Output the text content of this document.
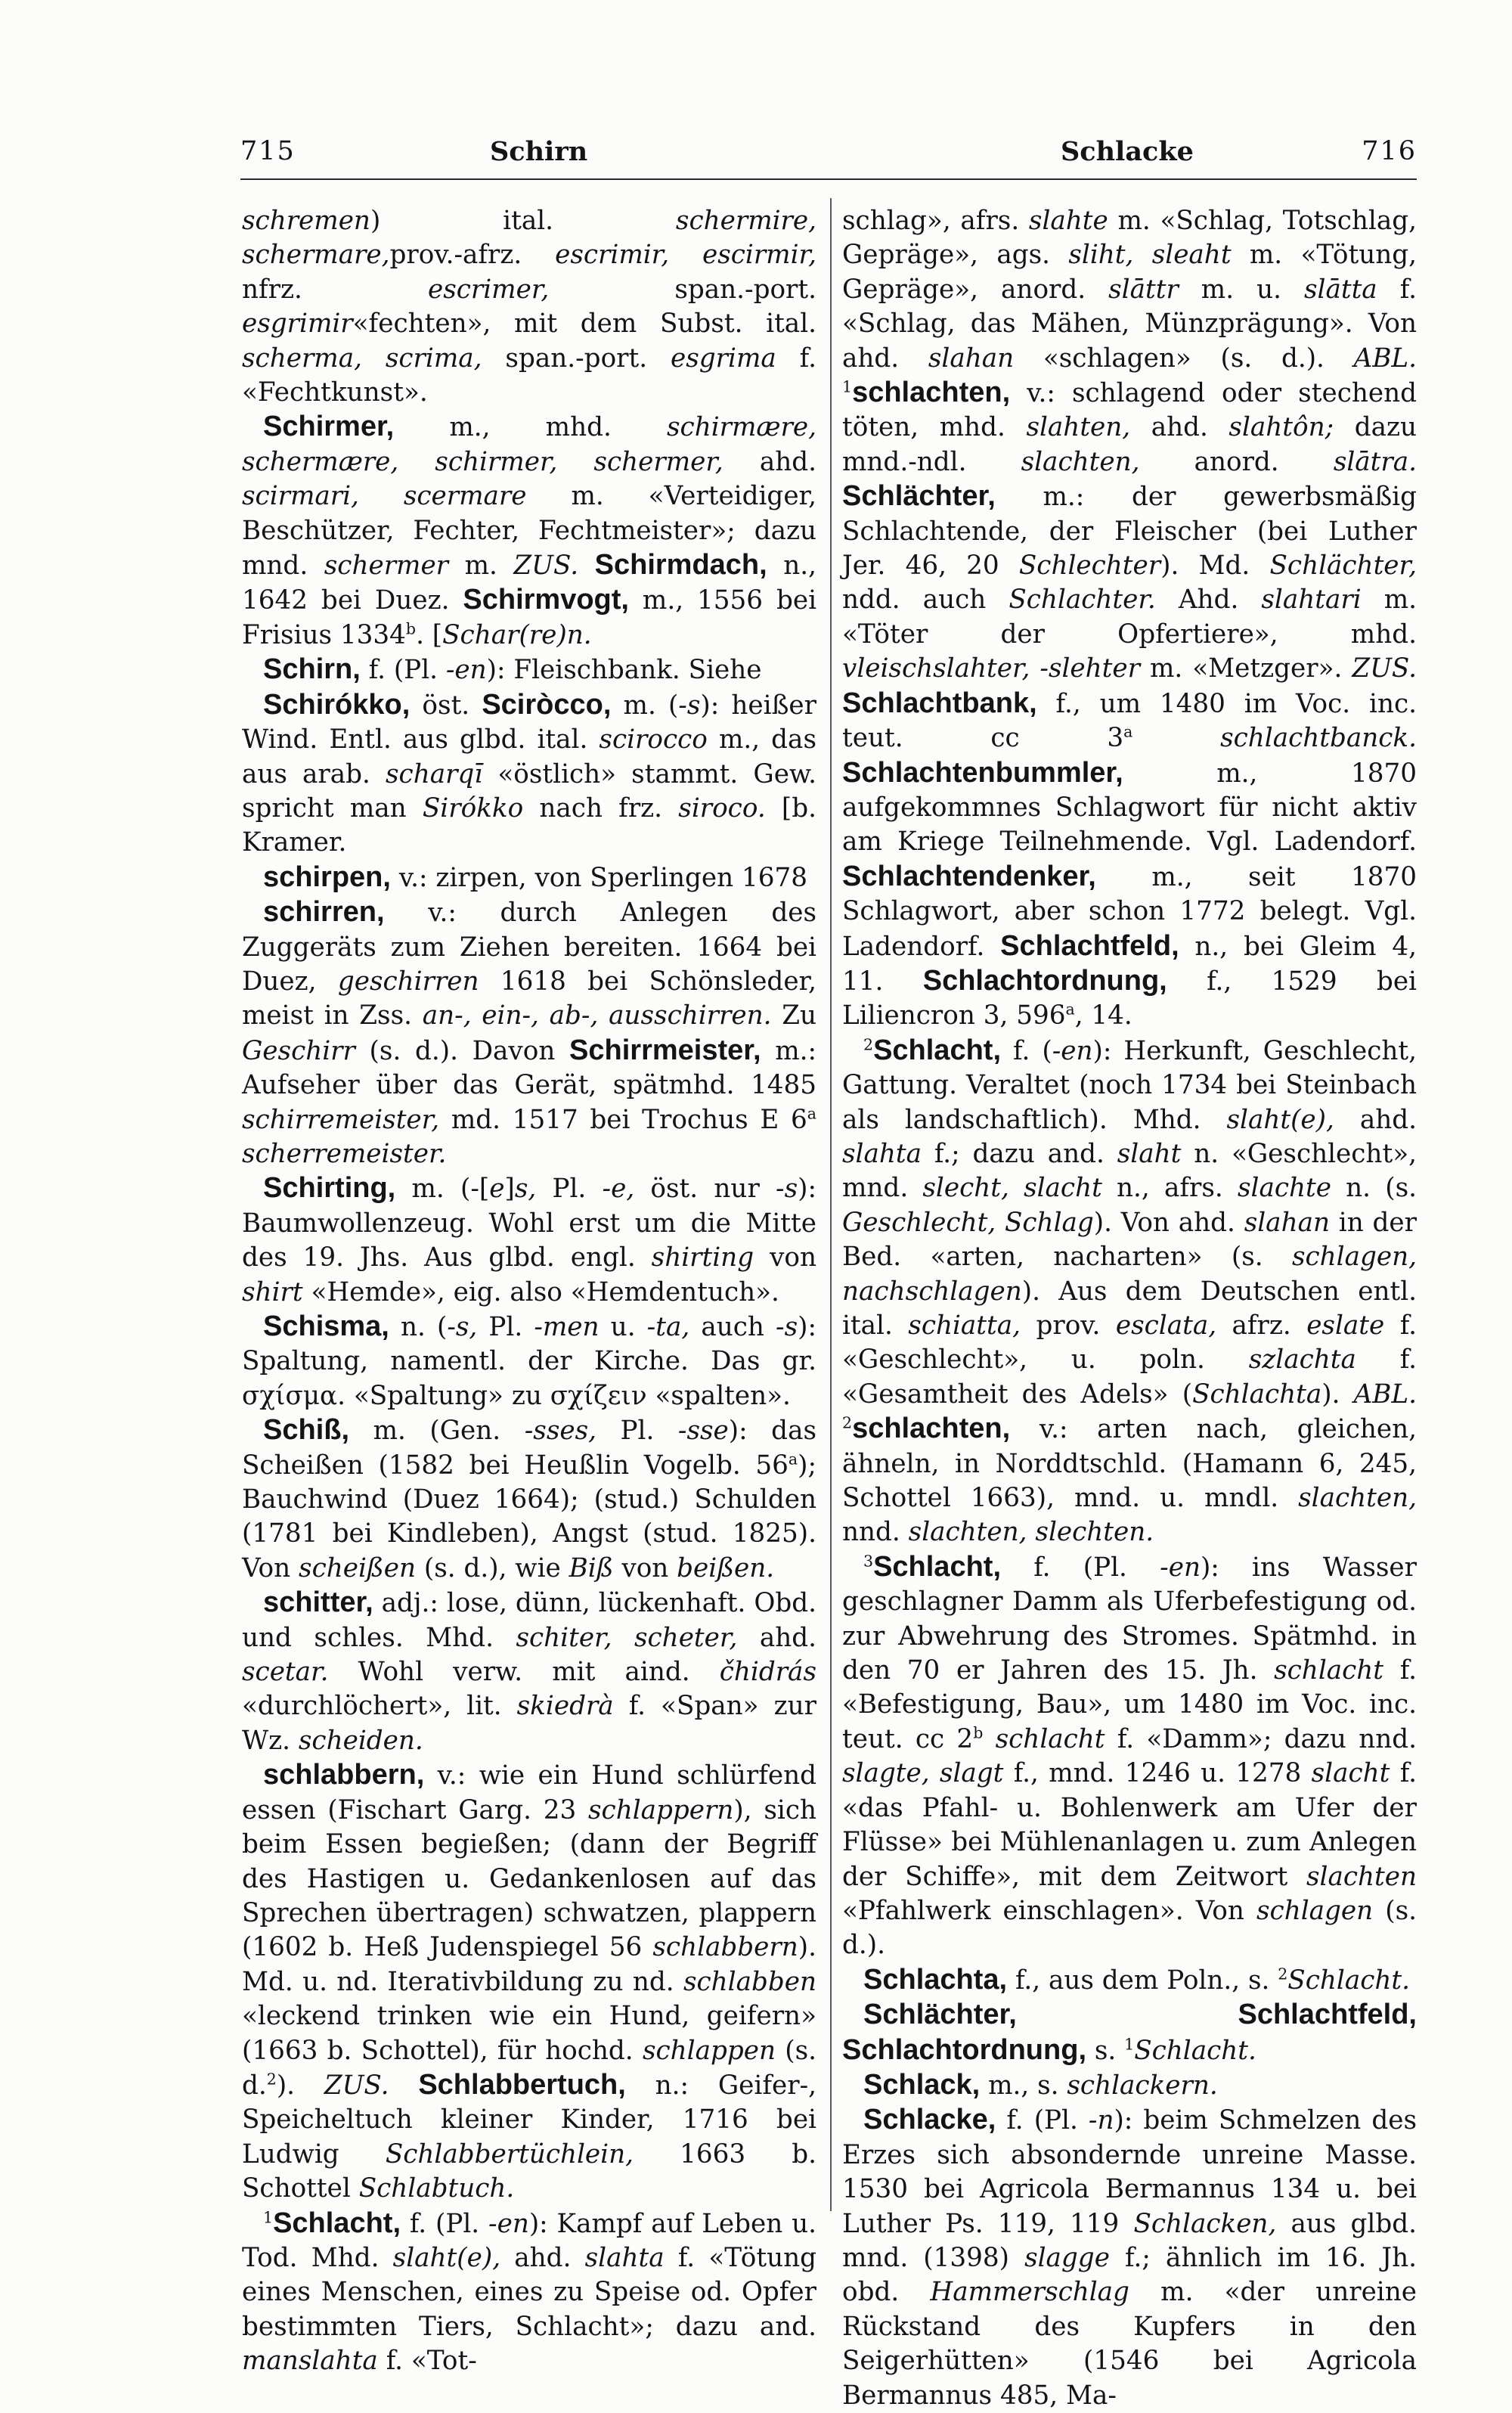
715	Schirn	Schlacke	716

schremen) ital. schermire, schermare,prov.-afrz. escrimir, escirmir, nfrz. escrimer, span.-port. esgrimir«fechten», mit dem Subst. ital. scherma, scrima, span.-port. esgrima f. «Fechtkunst».

Schirmer, m., mhd. schirmære, schermære, schirmer, schermer, ahd. scirmari, scermare m. «Verteidiger, Beschützer, Fechter, Fechtmeister»; dazu mnd. schermer m. ZUS. Schirmdach, n., 1642 bei Duez. Schirmvogt, m., 1556 bei Frisius 1334$^b$. [Schar(re)n.

Schirn, f. (Pl. -en): Fleischbank. Siehe

Schirókko, öst. Sciròcco, m. (-s): heißer Wind. Entl. aus glbd. ital. scirocco m., das aus arab. scharqī «östlich» stammt. Gew. spricht man Sirókko nach frz. siroco. [b. Kramer.

schirpen, v.: zirpen, von Sperlingen 1678

schirren, v.: durch Anlegen des Zuggeräts zum Ziehen bereiten. 1664 bei Duez, geschirren 1618 bei Schönsleder, meist in Zss. an-, ein-, ab-, ausschirren. Zu Geschirr (s. d.). Davon Schirrmeister, m.: Aufseher über das Gerät, spätmhd. 1485 schirremeister, md. 1517 bei Trochus E 6$^a$ scherremeister.

Schirting, m. (-[e]s, Pl. -e, öst. nur -s): Baumwollenzeug. Wohl erst um die Mitte des 19. Jhs. Aus glbd. engl. shirting von shirt «Hemde», eig. also «Hemdentuch».

Schisma, n. (-s, Pl. -men u. -ta, auch -s): Spaltung, namentl. der Kirche. Das gr. σχίσμα. «Spaltung» zu σχίζειν «spalten».

Schiß, m. (Gen. -sses, Pl. -sse): das Scheißen (1582 bei Heußlin Vogelb. 56$^a$); Bauchwind (Duez 1664); (stud.) Schulden (1781 bei Kindleben), Angst (stud. 1825). Von scheißen (s. d.), wie Biß von beißen.

schitter, adj.: lose, dünn, lückenhaft. Obd. und schles. Mhd. schiter, scheter, ahd. scetar. Wohl verw. mit aind. čhidrás «durchlöchert», lit. skiedrà f. «Span» zur Wz. scheiden.

schlabbern, v.: wie ein Hund schlürfend essen (Fischart Garg. 23 schlappern), sich beim Essen begießen; (dann der Begriff des Hastigen u. Gedankenlosen auf das Sprechen übertragen) schwatzen, plappern (1602 b. Heß Judenspiegel 56 schlabbern). Md. u. nd. Iterativbildung zu nd. schlabben «leckend trinken wie ein Hund, geifern» (1663 b. Schottel), für hochd. schlappen (s. d.$^2$). ZUS. Schlabbertuch, n.: Geifer-, Speicheltuch kleiner Kinder, 1716 bei Ludwig Schlabbertüchlein, 1663 b. Schottel Schlabtuch.

$^1$Schlacht, f. (Pl. -en): Kampf auf Leben u. Tod. Mhd. slaht(e), ahd. slahta f. «Tötung eines Menschen, eines zu Speise od. Opfer bestimmten Tiers, Schlacht»; dazu and. manslahta f. «Tot-

schlag», afrs. slahte m. «Schlag, Totschlag, Gepräge», ags. sliht, sleaht m. «Tötung, Gepräge», anord. slāttr m. u. slātta f. «Schlag, das Mähen, Münzprägung». Von ahd. slahan «schlagen» (s. d.). ABL. $^1$schlachten, v.: schlagend oder stechend töten, mhd. slahten, ahd. slahtôn; dazu mnd.-ndl. slachten, anord. slātra. Schlächter, m.: der gewerbsmäßig Schlachtende, der Fleischer (bei Luther Jer. 46, 20 Schlechter). Md. Schlächter, ndd. auch Schlachter. Ahd. slahtari m. «Töter der Opfertiere», mhd. vleischslahter, -slehter m. «Metzger». ZUS. Schlachtbank, f., um 1480 im Voc. inc. teut. cc 3$^a$	schlachtbanck. Schlachtenbummler, m., 1870 aufgekommnes Schlagwort für nicht aktiv am Kriege Teilnehmende. Vgl. Ladendorf. Schlachtendenker, m., seit 1870 Schlagwort, aber schon 1772 belegt. Vgl. Ladendorf. Schlachtfeld, n., bei Gleim 4, 11. Schlachtordnung, f., 1529 bei Liliencron 3, 596$^a$, 14.

$^2$Schlacht, f. (-en): Herkunft, Geschlecht, Gattung. Veraltet (noch 1734 bei Steinbach als landschaftlich). Mhd. slaht(e), ahd. slahta f.; dazu and. slaht n. «Geschlecht», mnd. slecht, slacht n., afrs. slachte n. (s. Geschlecht, Schlag). Von ahd. slahan in der Bed. «arten, nacharten» (s. schlagen, nachschlagen). Aus dem Deutschen entl. ital. schiatta, prov. esclata, afrz. eslate f. «Geschlecht», u. poln. szlachta f. «Gesamtheit des Adels» (Schlachta). ABL. $^2$schlachten, v.: arten nach, gleichen, ähneln, in Norddtschld. (Hamann 6, 245, Schottel 1663), mnd. u. mndl. slachten, nnd. slachten, slechten.

$^3$Schlacht, f. (Pl. -en): ins Wasser geschlagner Damm als Uferbefestigung od. zur Abwehrung des Stromes. Spätmhd. in den 70 er Jahren des 15. Jh. schlacht f. «Befestigung, Bau», um 1480 im Voc. inc. teut. cc 2$^b$ schlacht f. «Damm»; dazu nnd. slagte, slagt f., mnd. 1246 u. 1278 slacht f. «das Pfahl- u. Bohlenwerk am Ufer der Flüsse» bei Mühlenanlagen u. zum Anlegen der Schiffe», mit dem Zeitwort slachten «Pfahlwerk einschlagen». Von schlagen (s. d.).

Schlachta, f., aus dem Poln., s. $^2$Schlacht.

Schlächter, Schlachtfeld, Schlachtordnung, s. $^1$Schlacht.

Schlack, m., s. schlackern.

Schlacke, f. (Pl. -n): beim Schmelzen des Erzes sich absondernde unreine Masse. 1530 bei Agricola Bermannus 134 u. bei Luther Ps. 119, 119 Schlacken, aus glbd. mnd. (1398) slagge f.; ähnlich im 16. Jh. obd. Hammerschlag m. «der unreine Rückstand des Kupfers in den Seigerhütten» (1546 bei Agricola Bermannus 485, Ma-
